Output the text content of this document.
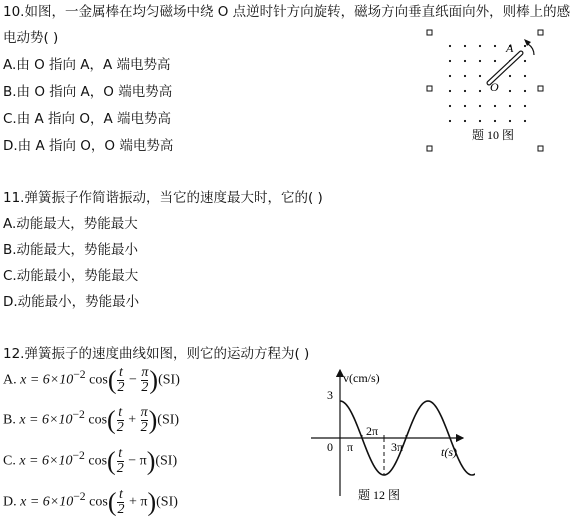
10.如图，一金属棒在均匀磁场中绕 O 点逆时针方向旋转，磁场方向垂直纸面向外，则棒上的感
电动势( )
A.由 O 指向 A，A 端电势高
B.由 O 指向 A，O 端电势高
C.由 A 指向 O，A 端电势高
D.由 A 指向 O，O 端电势高
A
O
题 10 图
11.弹簧振子作简谐振动，当它的速度最大时，它的( )
A.动能最大，势能最大
B.动能最大，势能最小
C.动能最小，势能最大
D.动能最小，势能最小
12.弹簧振子的速度曲线如图，则它的运动方程为( )
A. $x = 6\times 10^{-2}$ $\cos( \frac{t}{2} - \frac{\pi}{2} )(SI)$
B. $x = 6\times 10^{-2}$ $\cos( \frac{t}{2} + \frac{\pi}{2} )(SI)$
C. $x = 6\times 10^{-2}$ $\cos( \frac{t}{2} - \pi)(SI)$
D. $x = 6\times 10^{-2}$ $\cos( \frac{t}{2} + \pi)(SI)$
v(cm/s)
t(s)
3
0 π
2π
3π
题 12 图
